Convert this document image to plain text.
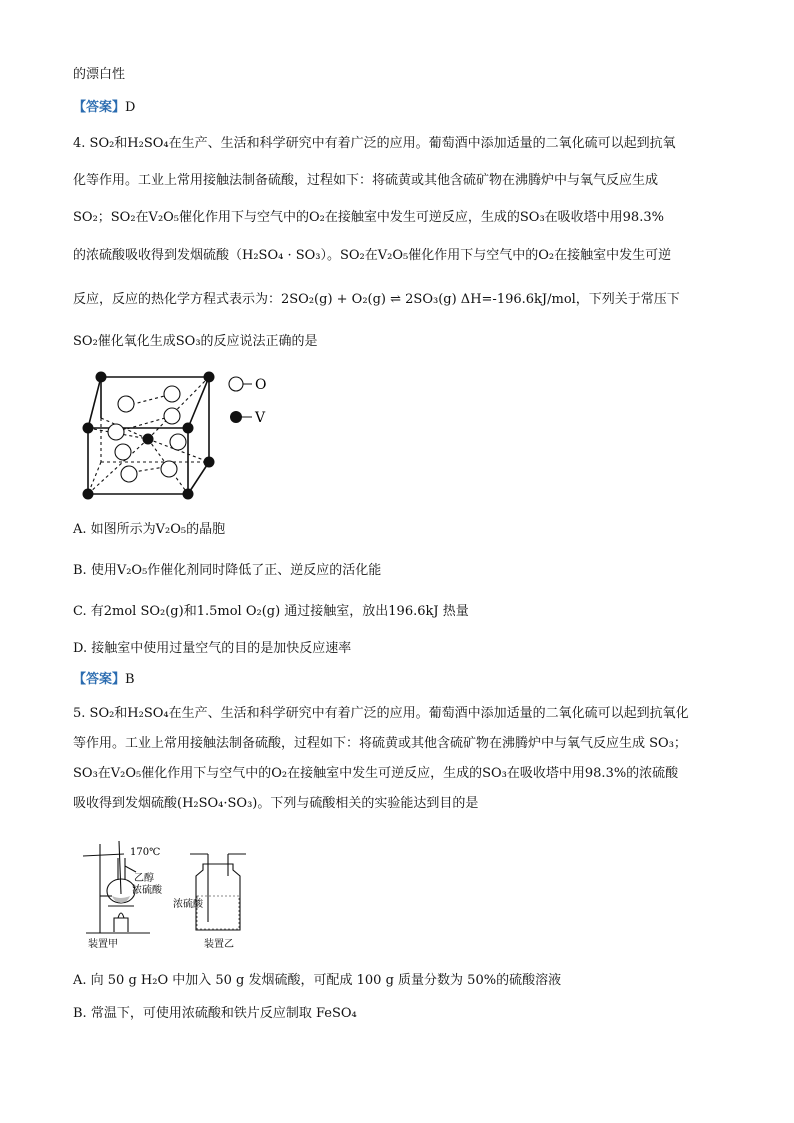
的漂白性
【答案】D
4. SO₂和H₂SO₄在生产、生活和科学研究中有着广泛的应用。葡萄酒中添加适量的二氧化硫可以起到抗氧
化等作用。工业上常用接触法制备硫酸，过程如下：将硫黄或其他含硫矿物在沸腾炉中与氧气反应生成
SO₂；SO₂在V₂O₅催化作用下与空气中的O₂在接触室中发生可逆反应，生成的SO₃在吸收塔中用98.3%
的浓硫酸吸收得到发烟硫酸（H₂SO₄ · SO₃）。SO₂在V₂O₅催化作用下与空气中的O₂在接触室中发生可逆
反应，反应的热化学方程式表示为：2SO₂(g) + O₂(g) ⇌ 2SO₃(g) ΔH=-196.6kJ/mol，下列关于常压下
SO₂催化氧化生成SO₃的反应说法正确的是
O
V
A. 如图所示为V₂O₅的晶胞
B. 使用V₂O₅作催化剂同时降低了正、逆反应的活化能
C. 有2mol SO₂(g)和1.5mol O₂(g) 通过接触室，放出196.6kJ 热量
D. 接触室中使用过量空气的目的是加快反应速率
【答案】B
5. SO₂和H₂SO₄在生产、生活和科学研究中有着广泛的应用。葡萄酒中添加适量的二氧化硫可以起到抗氧化
等作用。工业上常用接触法制备硫酸，过程如下：将硫黄或其他含硫矿物在沸腾炉中与氧气反应生成 SO₃；
SO₃在V₂O₅催化作用下与空气中的O₂在接触室中发生可逆反应，生成的SO₃在吸收塔中用98.3%的浓硫酸
吸收得到发烟硫酸(H₂SO₄·SO₃)。下列与硫酸相关的实验能达到目的是
170℃
乙醇
浓硫酸
装置甲
浓硫酸
装置乙
A. 向 50 g H₂O 中加入 50 g 发烟硫酸，可配成 100 g 质量分数为 50%的硫酸溶液
B. 常温下，可使用浓硫酸和铁片反应制取 FeSO₄
